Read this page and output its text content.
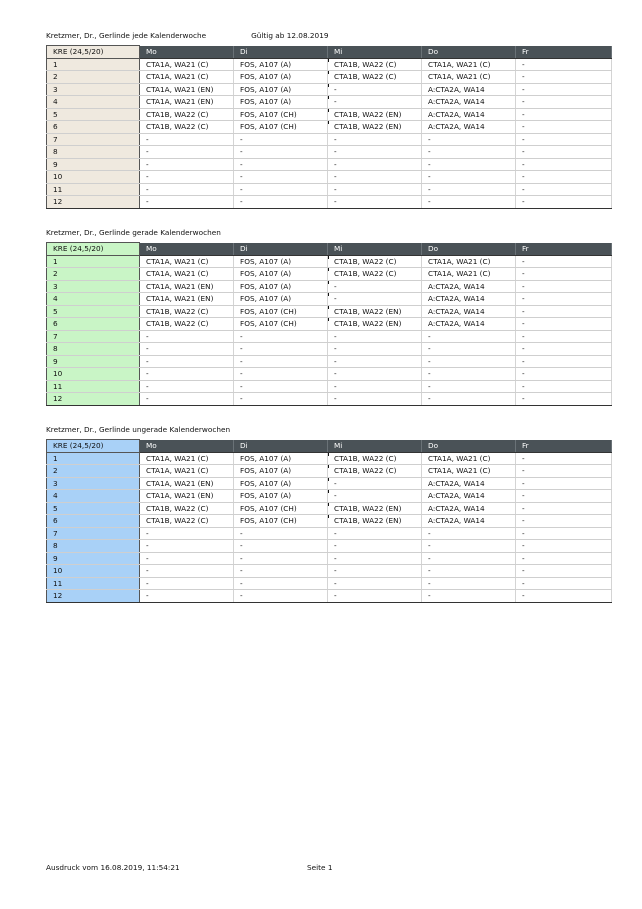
Kretzmer, Dr., Gerlinde jede Kalenderwoche	Gültig ab 12.08.2019
KRE (24,5/20)	Mo	Di	Mi	Do	Fr
1	CTA1A, WA21 (C)	FOS, A107 (A)	CTA1B, WA22 (C)	CTA1A, WA21 (C)	-
2	CTA1A, WA21 (C)	FOS, A107 (A)	CTA1B, WA22 (C)	CTA1A, WA21 (C)	-
3	CTA1A, WA21 (EN)	FOS, A107 (A)	-	A:CTA2A, WA14	-
4	CTA1A, WA21 (EN)	FOS, A107 (A)	-	A:CTA2A, WA14	-
5	CTA1B, WA22 (C)	FOS, A107 (CH)	CTA1B, WA22 (EN)	A:CTA2A, WA14	-
6	CTA1B, WA22 (C)	FOS, A107 (CH)	CTA1B, WA22 (EN)	A:CTA2A, WA14	-
7	-	-	-	-	-
8	-	-	-	-	-
9	-	-	-	-	-
10	-	-	-	-	-
11	-	-	-	-	-
12	-	-	-	-	-
Kretzmer, Dr., Gerlinde gerade Kalenderwochen
KRE (24,5/20)	Mo	Di	Mi	Do	Fr
1	CTA1A, WA21 (C)	FOS, A107 (A)	CTA1B, WA22 (C)	CTA1A, WA21 (C)	-
2	CTA1A, WA21 (C)	FOS, A107 (A)	CTA1B, WA22 (C)	CTA1A, WA21 (C)	-
3	CTA1A, WA21 (EN)	FOS, A107 (A)	-	A:CTA2A, WA14	-
4	CTA1A, WA21 (EN)	FOS, A107 (A)	-	A:CTA2A, WA14	-
5	CTA1B, WA22 (C)	FOS, A107 (CH)	CTA1B, WA22 (EN)	A:CTA2A, WA14	-
6	CTA1B, WA22 (C)	FOS, A107 (CH)	CTA1B, WA22 (EN)	A:CTA2A, WA14	-
7	-	-	-	-	-
8	-	-	-	-	-
9	-	-	-	-	-
10	-	-	-	-	-
11	-	-	-	-	-
12	-	-	-	-	-
Kretzmer, Dr., Gerlinde ungerade Kalenderwochen
KRE (24,5/20)	Mo	Di	Mi	Do	Fr
1	CTA1A, WA21 (C)	FOS, A107 (A)	CTA1B, WA22 (C)	CTA1A, WA21 (C)	-
2	CTA1A, WA21 (C)	FOS, A107 (A)	CTA1B, WA22 (C)	CTA1A, WA21 (C)	-
3	CTA1A, WA21 (EN)	FOS, A107 (A)	-	A:CTA2A, WA14	-
4	CTA1A, WA21 (EN)	FOS, A107 (A)	-	A:CTA2A, WA14	-
5	CTA1B, WA22 (C)	FOS, A107 (CH)	CTA1B, WA22 (EN)	A:CTA2A, WA14	-
6	CTA1B, WA22 (C)	FOS, A107 (CH)	CTA1B, WA22 (EN)	A:CTA2A, WA14	-
7	-	-	-	-	-
8	-	-	-	-	-
9	-	-	-	-	-
10	-	-	-	-	-
11	-	-	-	-	-
12	-	-	-	-	-
Ausdruck vom 16.08.2019, 11:54:21	Seite 1
